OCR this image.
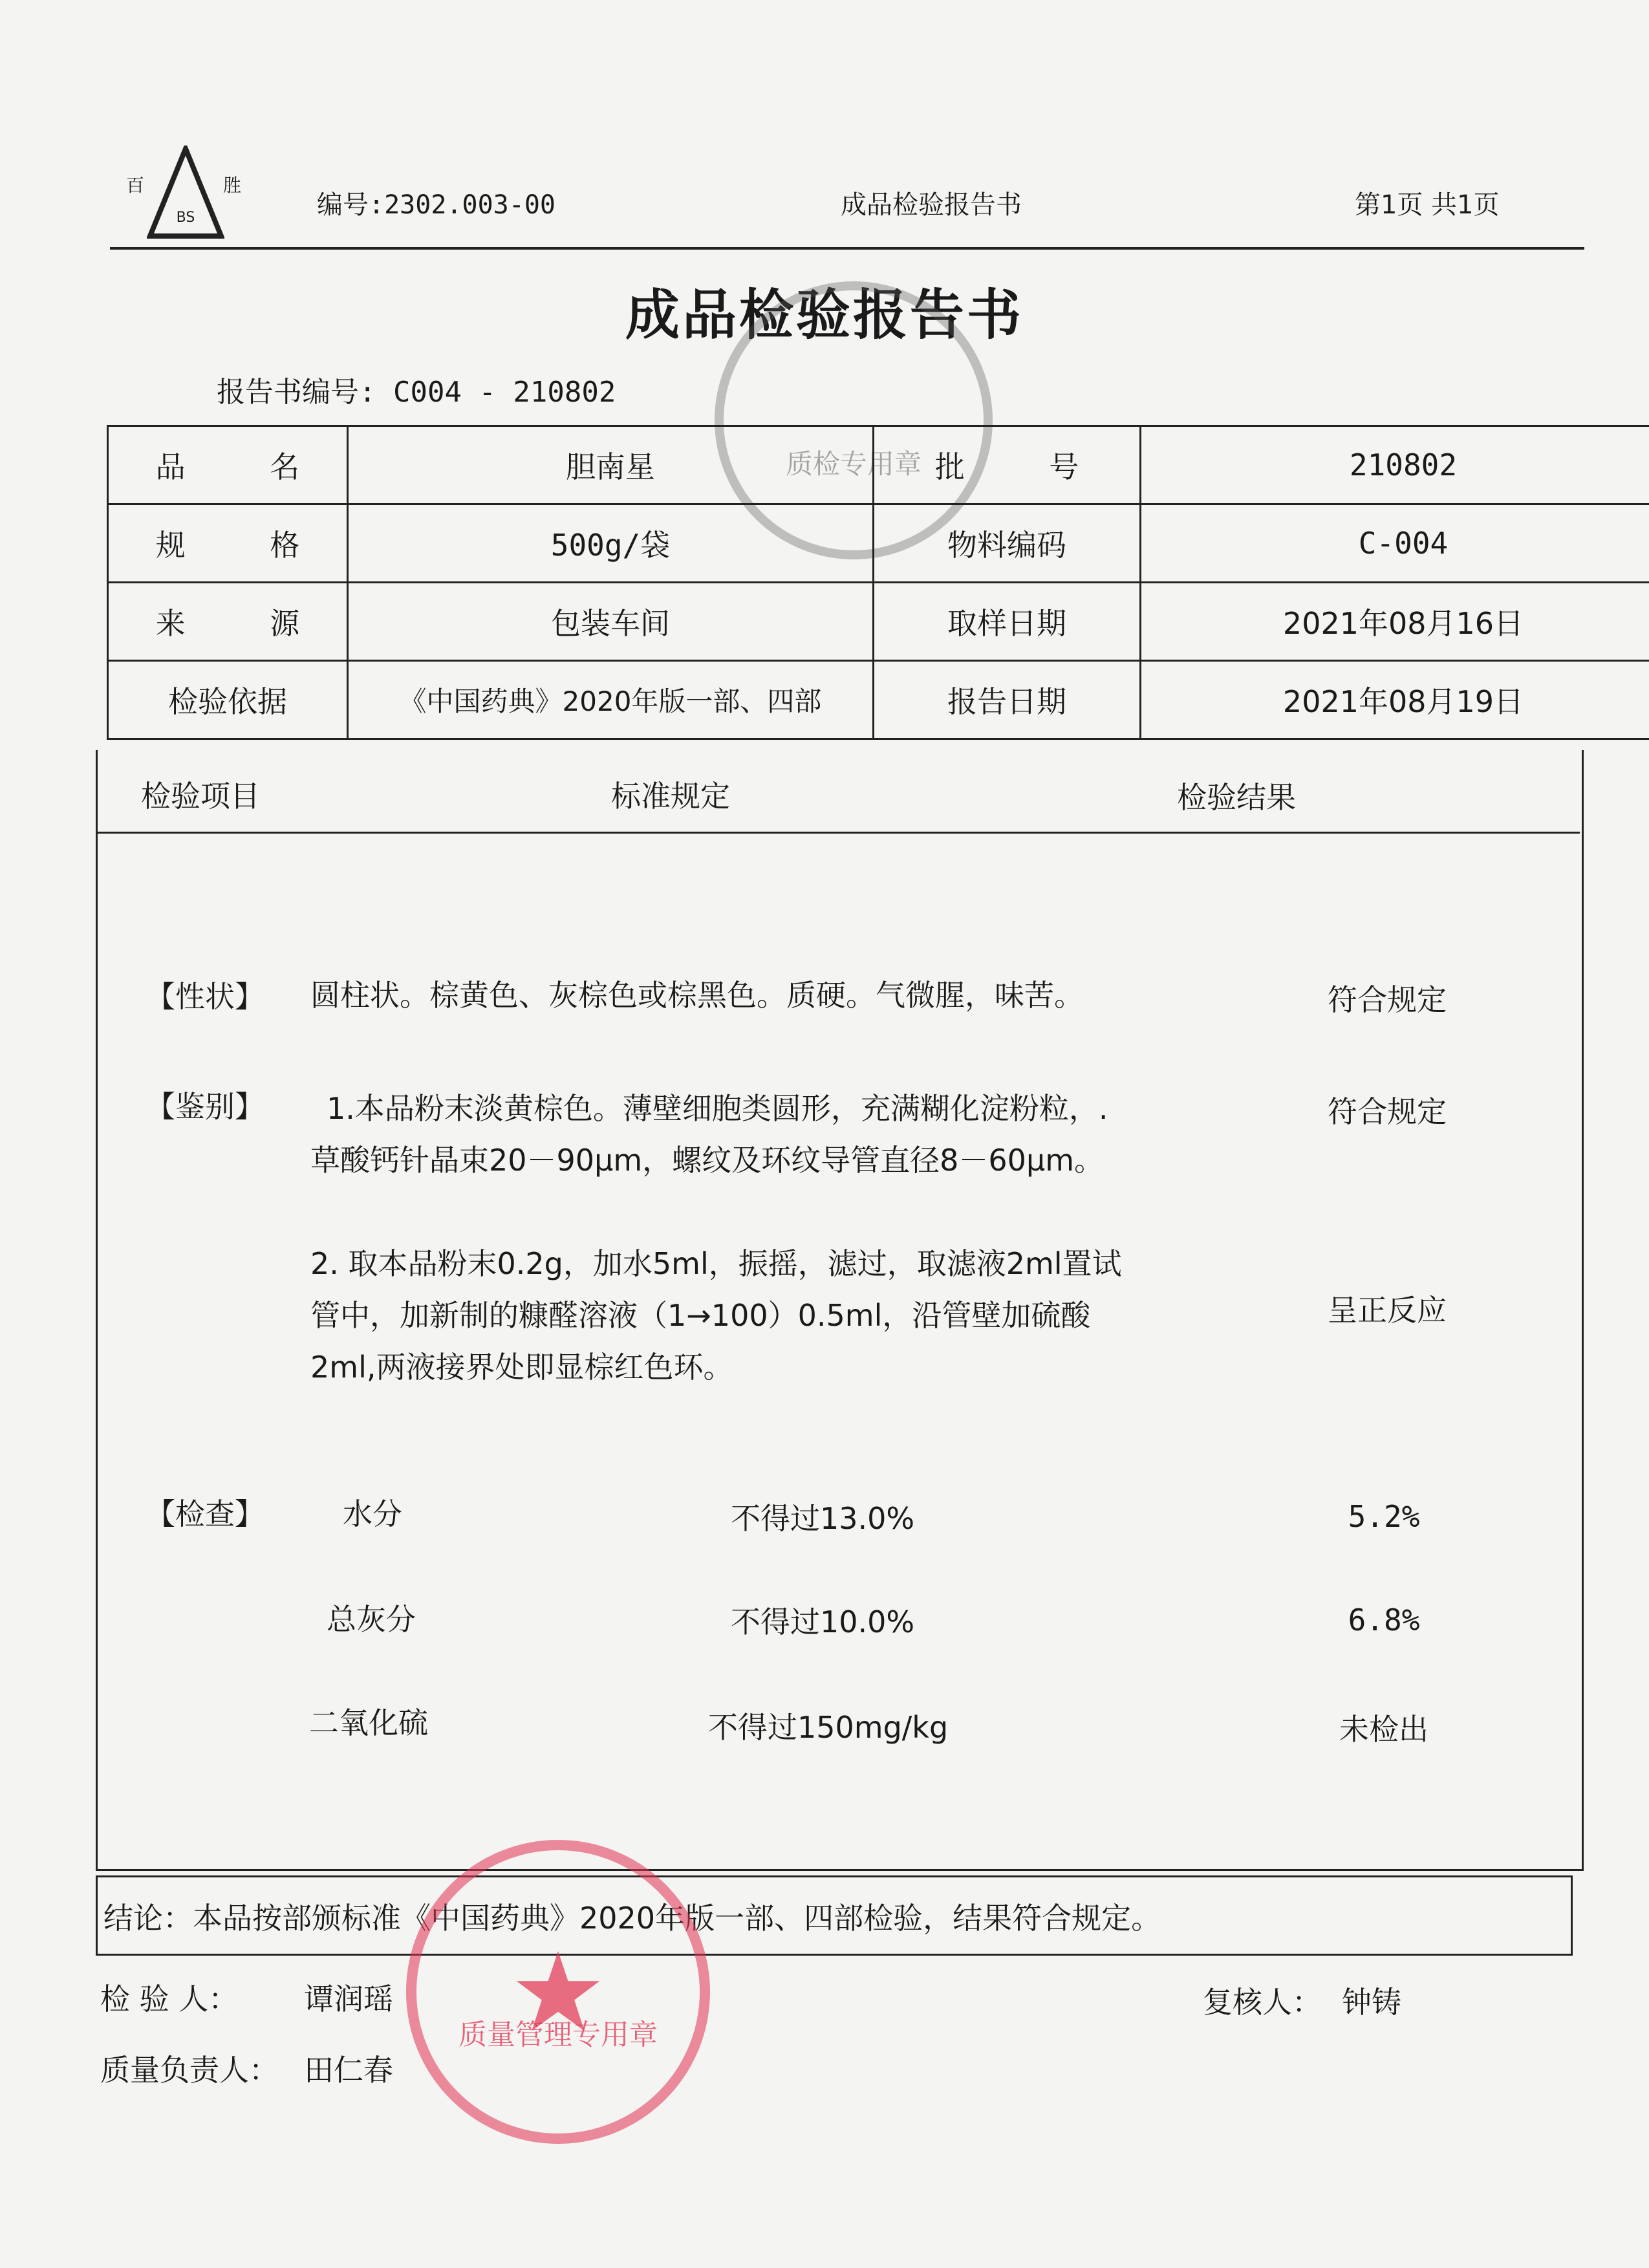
百
BS
胜
编号:2302.003-00	成品检验报告书	第1页 共1页
成品检验报告书
报告书编号: C004 - 210802
质检专用章
品 名	胆南星	批 号	210802
规 格	500g/袋	物料编码	C-004
来 源	包装车间	取样日期	2021年08月16日
检验依据	《中国药典》2020年版一部、四部	报告日期	2021年08月19日
检验项目	标准规定	检验结果
【性状】 圆柱状。棕黄色、灰棕色或棕黑色。质硬。气微腥，味苦。	符合规定
【鉴别】 1.本品粉末淡黄棕色。薄壁细胞类圆形，充满糊化淀粉粒，.
草酸钙针晶束20－90μm，螺纹及环纹导管直径8－60μm。
符合规定
2. 取本品粉末0.2g，加水5ml，振摇，滤过，取滤液2ml置试
管中，加新制的糠醛溶液（1→100）0.5ml，沿管壁加硫酸
2ml,两液接界处即显棕红色环。
呈正反应
【检查】	水分	不得过13.0%	5.2%
总灰分	不得过10.0%	6.8%
二氧化硫	不得过150mg/kg	未检出
结论：本品按部颁标准《中国药典》2020年版一部、四部检验，结果符合规定。
检 验 人： 谭润瑶	复核人： 钟铸
质量负责人： 田仁春
质量管理专用章
